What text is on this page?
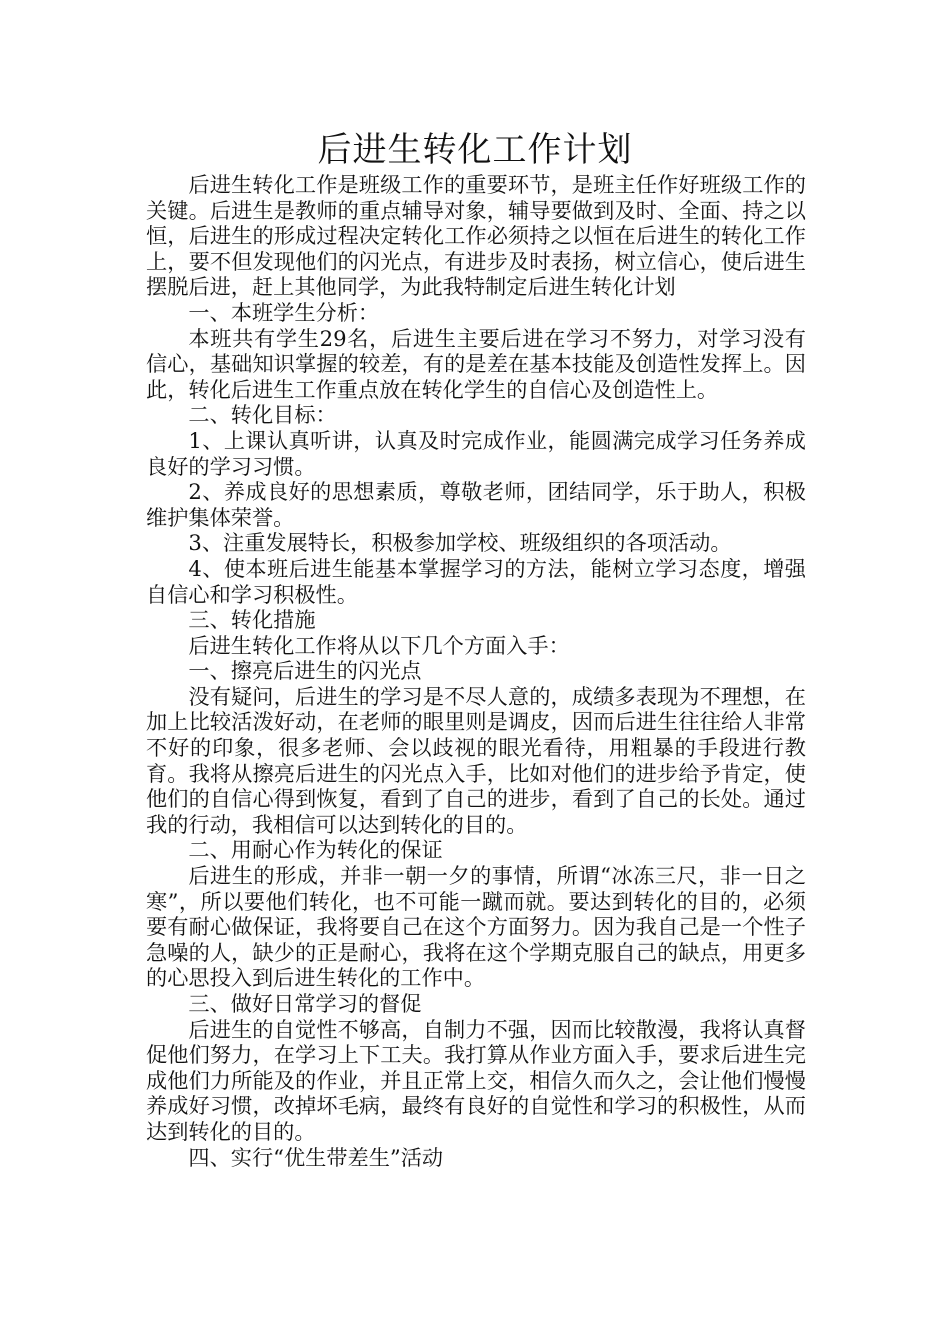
后进生转化工作计划

后进生转化工作是班级工作的重要环节，是班主任作好班级工作的关键。后进生是教师的重点辅导对象，辅导要做到及时、全面、持之以恒，后进生的形成过程决定转化工作必须持之以恒在后进生的转化工作上，要不但发现他们的闪光点，有进步及时表扬，树立信心，使后进生摆脱后进，赶上其他同学，为此我特制定后进生转化计划

一、本班学生分析：

本班共有学生29名，后进生主要后进在学习不努力，对学习没有信心，基础知识掌握的较差，有的是差在基本技能及创造性发挥上。因此，转化后进生工作重点放在转化学生的自信心及创造性上。

二、转化目标：

1、上课认真听讲，认真及时完成作业，能圆满完成学习任务养成良好的学习习惯。

2、养成良好的思想素质，尊敬老师，团结同学，乐于助人，积极维护集体荣誉。

3、注重发展特长，积极参加学校、班级组织的各项活动。

4、使本班后进生能基本掌握学习的方法，能树立学习态度，增强自信心和学习积极性。

三、转化措施

后进生转化工作将从以下几个方面入手：

一、擦亮后进生的闪光点

没有疑问，后进生的学习是不尽人意的，成绩多表现为不理想，在加上比较活泼好动，在老师的眼里则是调皮，因而后进生往往给人非常不好的印象，很多老师、会以歧视的眼光看待，用粗暴的手段进行教育。我将从擦亮后进生的闪光点入手，比如对他们的进步给予肯定，使他们的自信心得到恢复，看到了自己的进步，看到了自己的长处。通过我的行动，我相信可以达到转化的目的。

二、用耐心作为转化的保证

后进生的形成，并非一朝一夕的事情，所谓“冰冻三尺，非一日之寒”，所以要他们转化，也不可能一蹴而就。要达到转化的目的，必须要有耐心做保证，我将要自己在这个方面努力。因为我自己是一个性子急噪的人，缺少的正是耐心，我将在这个学期克服自己的缺点，用更多的心思投入到后进生转化的工作中。

三、做好日常学习的督促

后进生的自觉性不够高，自制力不强，因而比较散漫，我将认真督促他们努力，在学习上下工夫。我打算从作业方面入手，要求后进生完成他们力所能及的作业，并且正常上交，相信久而久之，会让他们慢慢养成好习惯，改掉坏毛病，最终有良好的自觉性和学习的积极性，从而达到转化的目的。

四、实行“优生带差生”活动
